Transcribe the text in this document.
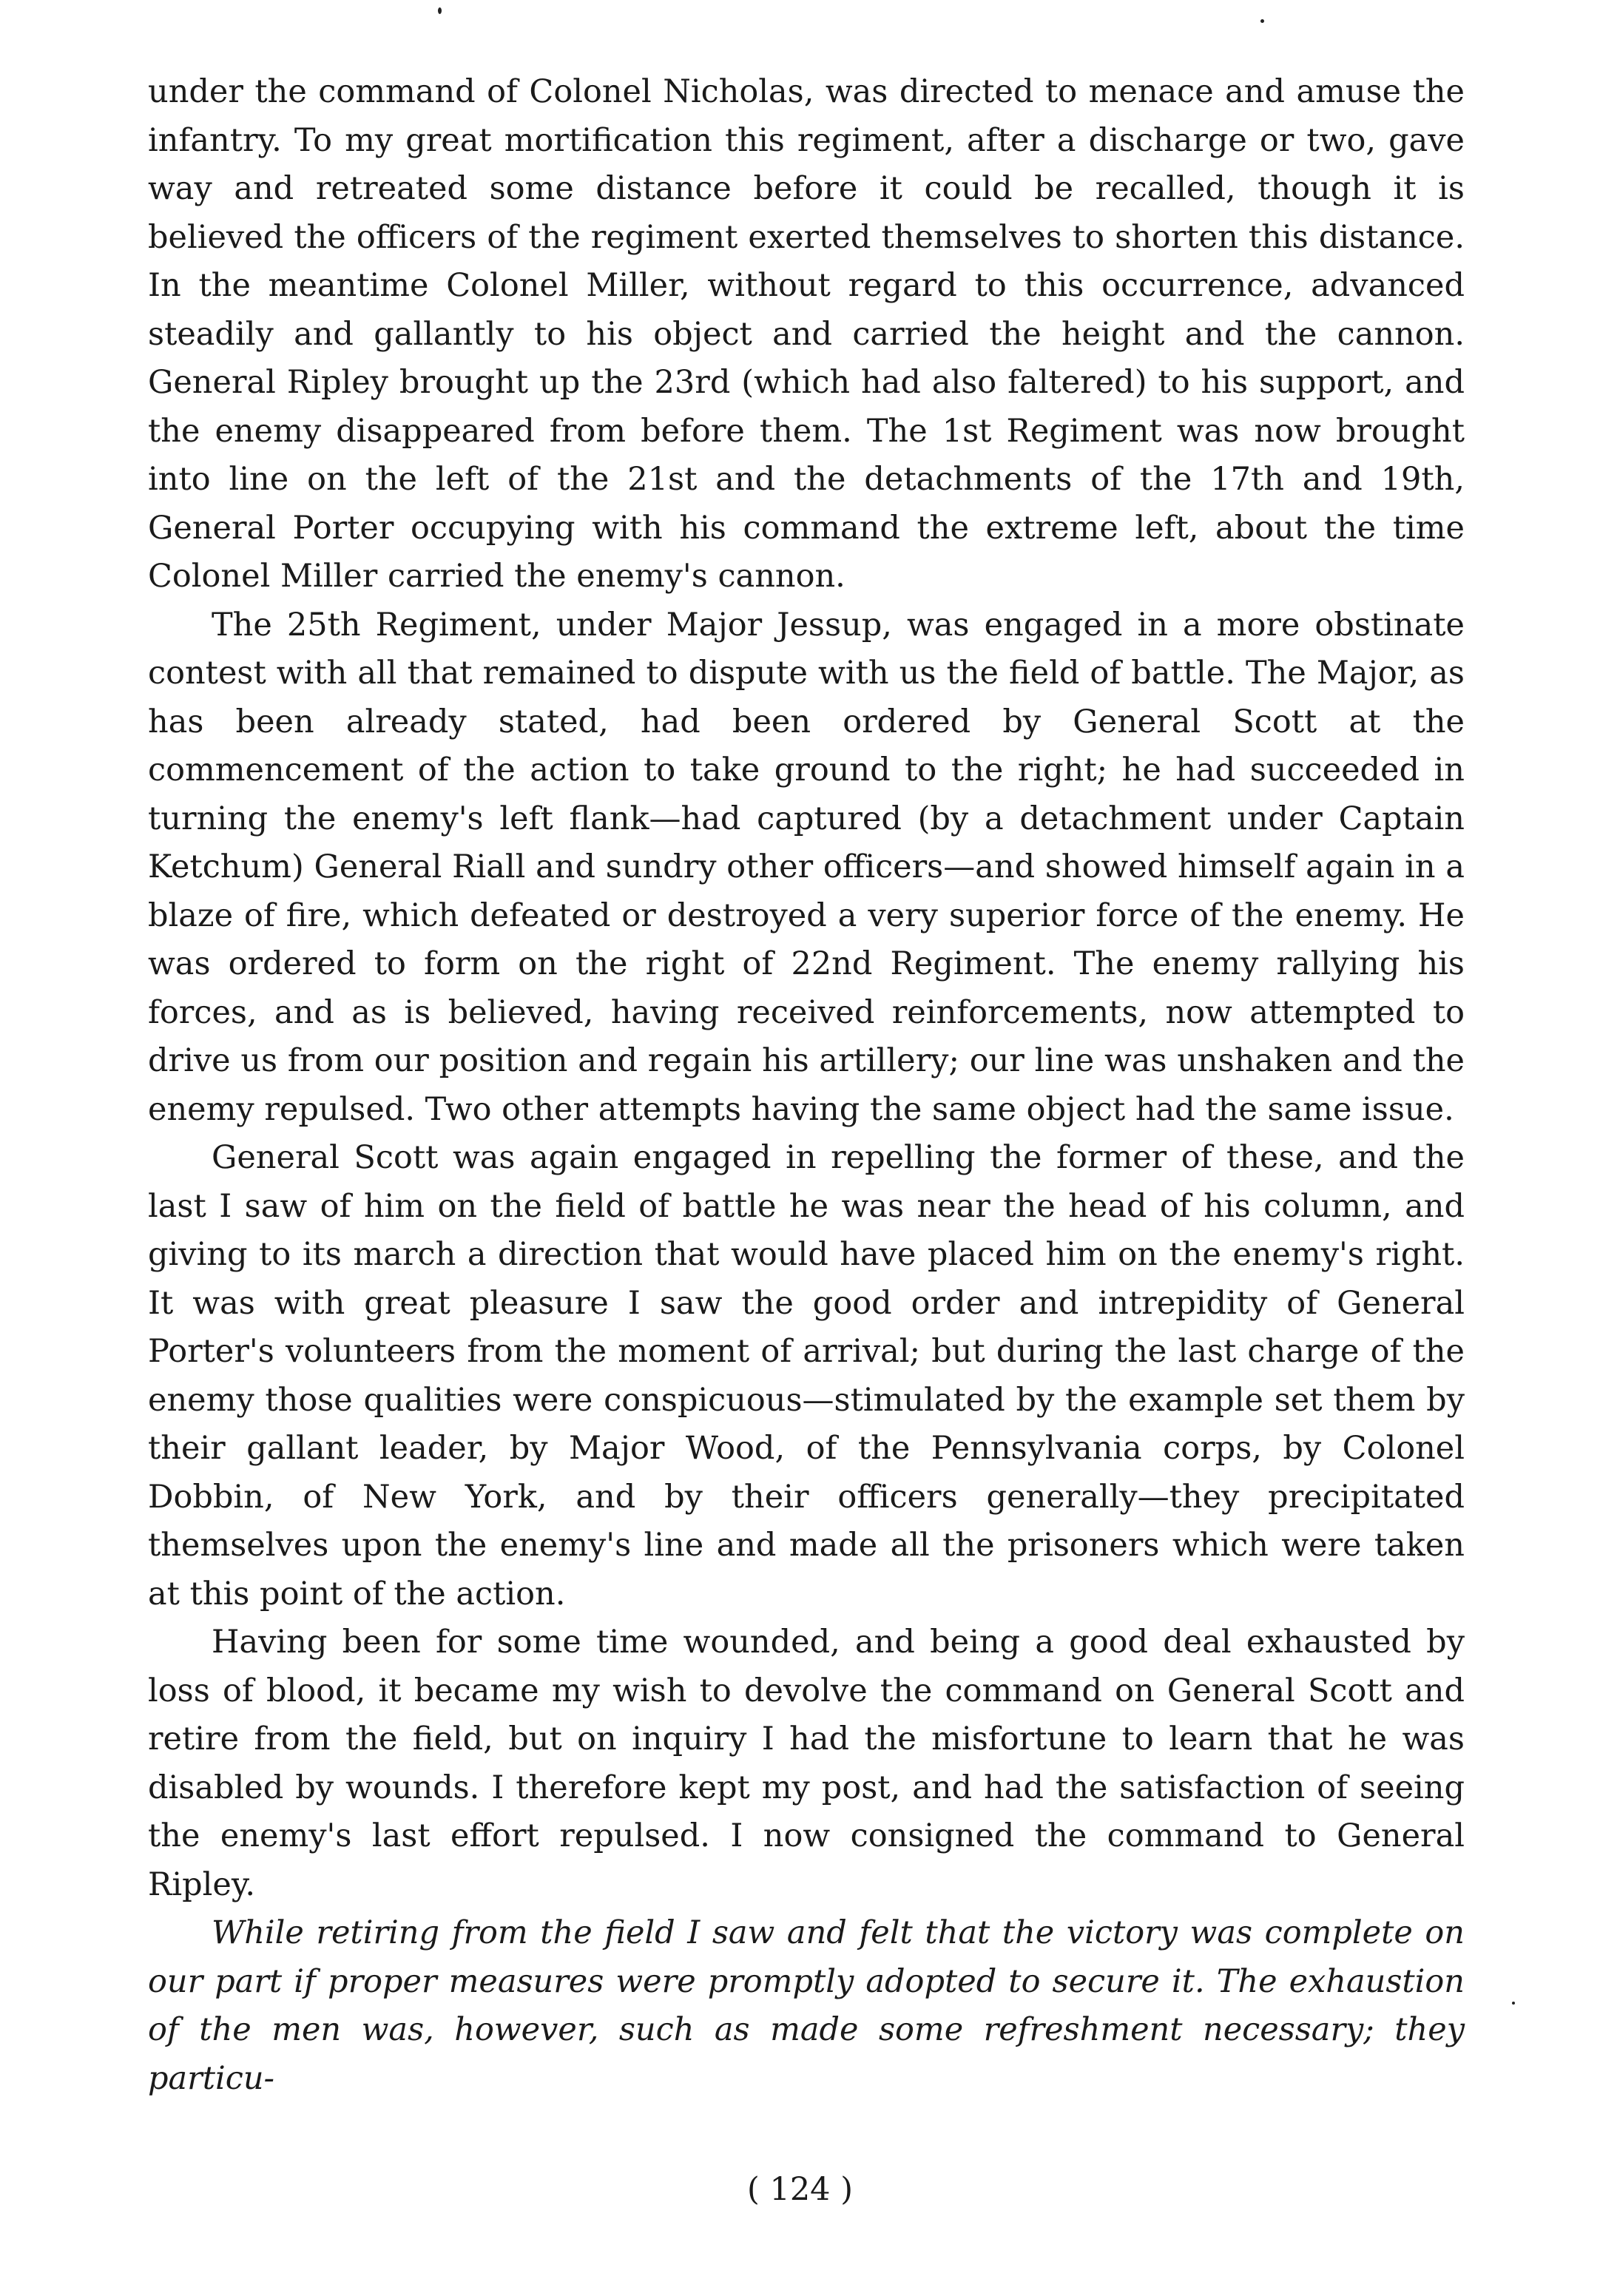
under the command of Colonel Nicholas, was directed to menace and amuse the infantry. To my great mortification this regiment, after a discharge or two, gave way and retreated some distance before it could be recalled, though it is believed the officers of the regiment exerted themselves to shorten this distance. In the meantime Colonel Miller, without regard to this occurrence, advanced steadily and gallantly to his object and carried the height and the cannon. General Ripley brought up the 23rd (which had also faltered) to his support, and the enemy disappeared from before them. The 1st Regiment was now brought into line on the left of the 21st and the detachments of the 17th and 19th, General Porter occupying with his command the extreme left, about the time Colonel Miller carried the enemy's cannon.

The 25th Regiment, under Major Jessup, was engaged in a more obstinate contest with all that remained to dispute with us the field of battle. The Major, as has been already stated, had been ordered by General Scott at the commencement of the action to take ground to the right; he had succeeded in turning the enemy's left flank—had captured (by a detachment under Captain Ketchum) General Riall and sundry other officers—and showed himself again in a blaze of fire, which defeated or destroyed a very superior force of the enemy. He was ordered to form on the right of 22nd Regiment. The enemy rallying his forces, and as is believed, having received reinforcements, now attempted to drive us from our position and regain his artillery; our line was unshaken and the enemy repulsed. Two other attempts having the same object had the same issue.

General Scott was again engaged in repelling the former of these, and the last I saw of him on the field of battle he was near the head of his column, and giving to its march a direction that would have placed him on the enemy's right. It was with great pleasure I saw the good order and intrepidity of General Porter's volunteers from the moment of arrival; but during the last charge of the enemy those qualities were conspicuous—stimulated by the example set them by their gallant leader, by Major Wood, of the Pennsylvania corps, by Colonel Dobbin, of New York, and by their officers generally—they precipitated themselves upon the enemy's line and made all the prisoners which were taken at this point of the action.

Having been for some time wounded, and being a good deal exhausted by loss of blood, it became my wish to devolve the command on General Scott and retire from the field, but on inquiry I had the misfortune to learn that he was disabled by wounds. I therefore kept my post, and had the satisfaction of seeing the enemy's last effort repulsed. I now consigned the command to General Ripley.

While retiring from the field I saw and felt that the victory was complete on our part if proper measures were promptly adopted to secure it. The exhaustion of the men was, however, such as made some refreshment necessary; they particu-

( 124 )
